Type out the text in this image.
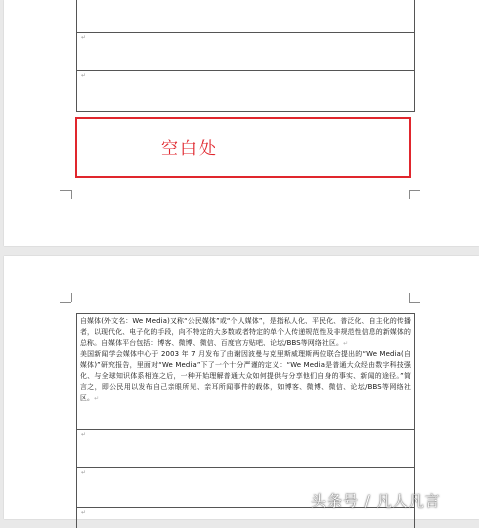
↵
↵
空白处

自媒体(外文名：We Media)又称“公民媒体”或“个人媒体”，是指私人化、平民化、普泛化、自主化的传播者，以现代化、电子化的手段，向不特定的大多数或者特定的单个人传递规范性及非规范性信息的新媒体的总称。自媒体平台包括：博客、微博、微信、百度官方贴吧、论坛/BBS等网络社区。↵

美国新闻学会媒体中心于 2003 年 7 月发布了由谢因波曼与克里斯威理斯两位联合提出的“We Media(自媒体)”研究报告，里面对“We Media”下了一个十分严谨的定义：“We Media是普通大众经由数字科技强化、与全球知识体系相连之后，一种开始理解普通大众如何提供与分享他们自身的事实、新闻的途径。”简言之，即公民用以发布自己亲眼所见、亲耳所闻事件的载体，如博客、微博、微信、论坛/BBS等网络社区。↵

↵
↵
↵
头条号 / 凡人凡言
